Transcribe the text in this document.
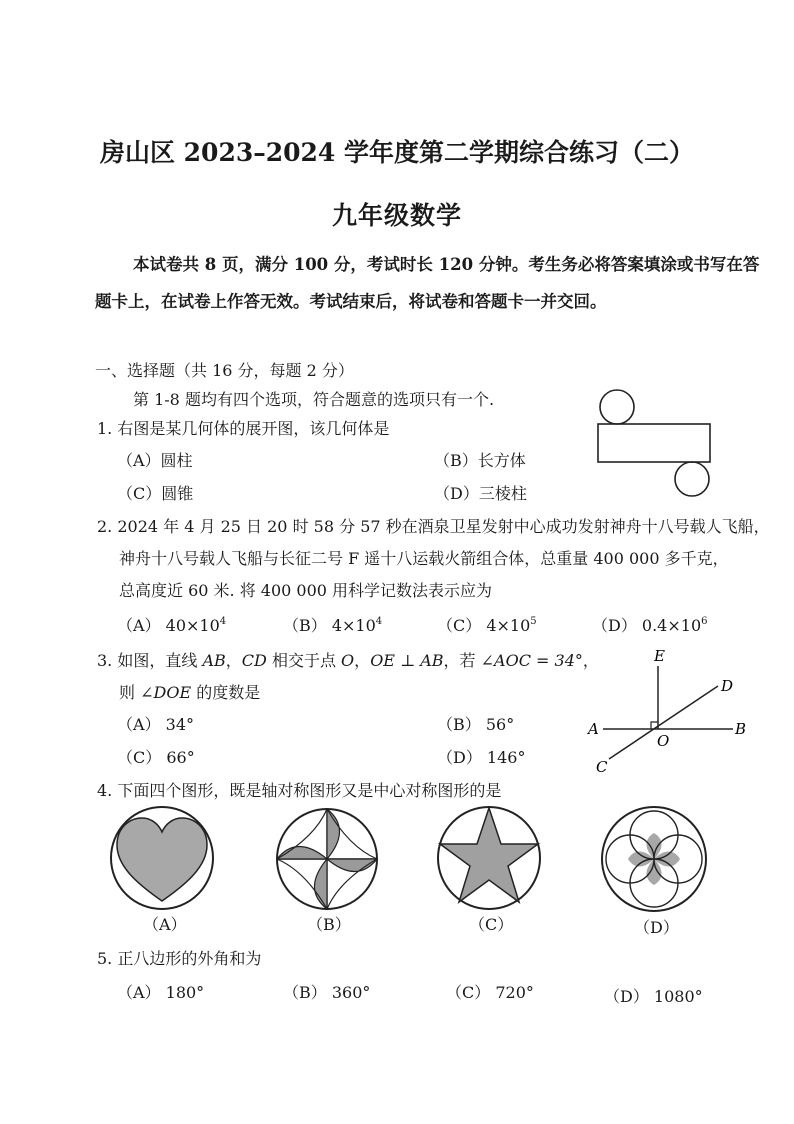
房山区 2023–2024 学年度第二学期综合练习（二）
九年级数学
本试卷共 8 页，满分 100 分，考试时长 120 分钟。考生务必将答案填涂或书写在答
题卡上，在试卷上作答无效。考试结束后，将试卷和答题卡一并交回。
一、选择题（共 16 分，每题 2 分）
第 1-8 题均有四个选项，符合题意的选项只有一个.
1. 右图是某几何体的展开图，该几何体是
（A）圆柱	（B）长方体
（C）圆锥	（D）三棱柱
2. 2024 年 4 月 25 日 20 时 58 分 57 秒在酒泉卫星发射中心成功发射神舟十八号载人飞船，
神舟十八号载人飞船与长征二号 F 遥十八运载火箭组合体，总重量 400 000 多千克，
总高度近 60 米. 将 400 000 用科学记数法表示应为
（A） $40\times 10^4$	（B） $4\times 10^4$	（C） $4\times 10^5$	（D） $0.4\times 10^6$
3. 如图，直线 AB，CD 相交于点 O，OE ⊥ AB，若 ∠AOC = 34°，
则 ∠DOE 的度数是
（A） 34°	（B） 56°
（C） 66°	（D） 146°
E
D
A
O
B
C
4. 下面四个图形，既是轴对称图形又是中心对称图形的是
（A）	（B）	（C）	（D）
5. 正八边形的外角和为
（A） 180°	（B） 360°	（C） 720°	（D） 1080°
